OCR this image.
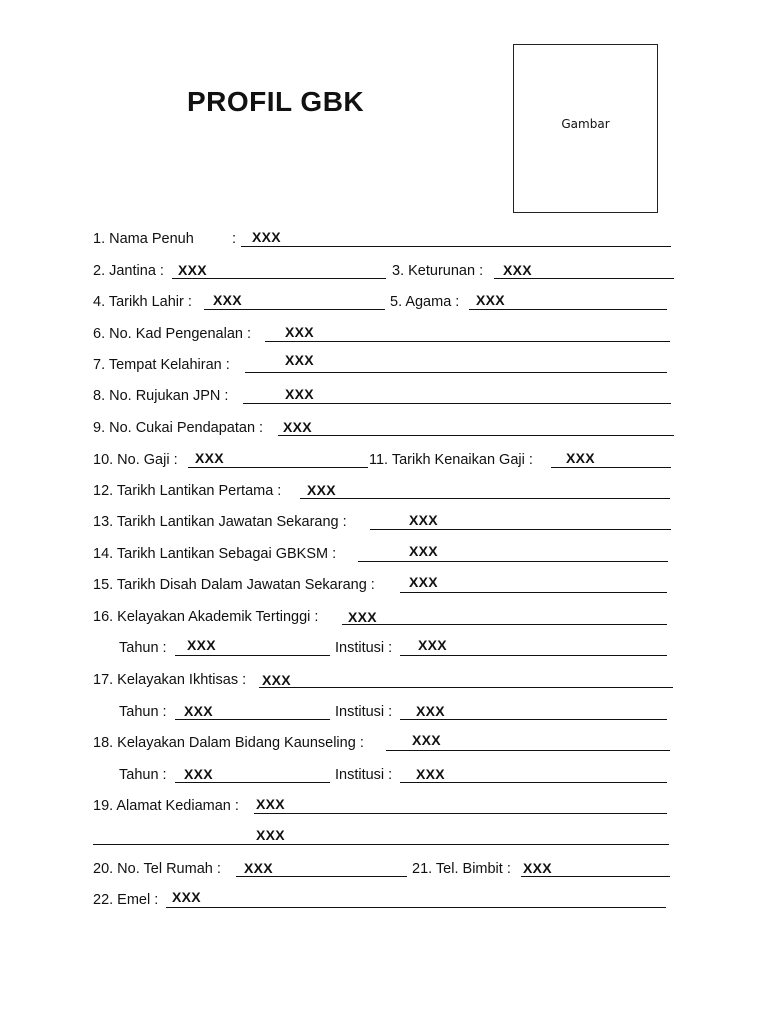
PROFIL GBK
Gambar
1. Nama Penuh	: XXX
2. Jantina : XXX	3. Keturunan : XXX
4. Tarikh Lahir : XXX	5. Agama : XXX
6. No. Kad Pengenalan : XXX
7. Tempat Kelahiran :	XXX
8. No. Rujukan JPN :	XXX
9. No. Cukai Pendapatan : XXX
10. No. Gaji : XXX	11. Tarikh Kenaikan Gaji : XXX
12. Tarikh Lantikan Pertama : XXX
13. Tarikh Lantikan Jawatan Sekarang :	XXX
14. Tarikh Lantikan Sebagai GBKSM :	XXX
15. Tarikh Disah Dalam Jawatan Sekarang : XXX
16. Kelayakan Akademik Tertinggi : XXX
Tahun : XXX	Institusi : XXX
17. Kelayakan Ikhtisas : XXX
Tahun : XXX	Institusi : XXX
18. Kelayakan Dalam Bidang Kaunseling :	XXX
Tahun : XXX	Institusi : XXX
19. Alamat Kediaman : XXX
XXX
20. No. Tel Rumah : XXX	21. Tel. Bimbit : XXX
22. Emel : XXX
